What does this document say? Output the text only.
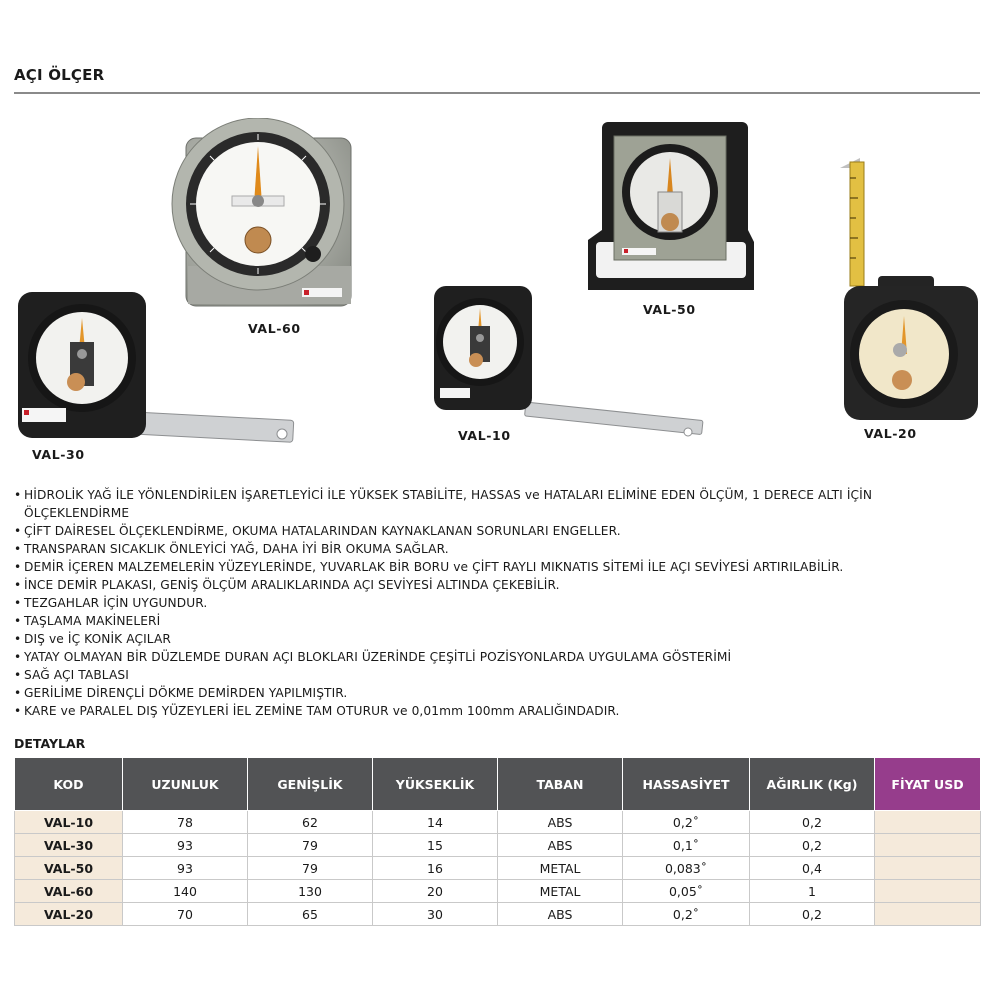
AÇI ÖLÇER
VAL-60
VAL-50
VAL-30
VAL-10	VAL-20
• HİDROLİK YAĞ İLE YÖNLENDİRİLEN İŞARETLEYİCİ İLE YÜKSEK STABİLİTE, HASSAS ve HATALARI ELİMİNE EDEN ÖLÇÜM, 1 DERECE ALTI İÇİN ÖLÇEKLENDİRME
• ÇİFT DAİRESEL ÖLÇEKLENDİRME, OKUMA HATALARINDAN KAYNAKLANAN SORUNLARI ENGELLER.
• TRANSPARAN SICAKLIK ÖNLEYİCİ YAĞ, DAHA İYİ BİR OKUMA SAĞLAR.
• DEMİR İÇEREN MALZEMELERİN YÜZEYLERİNDE, YUVARLAK BİR BORU ve ÇİFT RAYLI MIKNATIS SİTEMİ İLE AÇI SEVİYESİ ARTIRILABİLİR.
• İNCE DEMİR PLAKASI, GENİŞ ÖLÇÜM ARALIKLARINDA AÇI SEVİYESİ ALTINDA ÇEKEBİLİR.
• TEZGAHLAR İÇİN UYGUNDUR.
• TAŞLAMA MAKİNELERİ
• DIŞ ve İÇ KONİK AÇILAR
• YATAY OLMAYAN BİR DÜZLEMDE DURAN AÇI BLOKLARI ÜZERİNDE ÇEŞİTLİ POZİSYONLARDA UYGULAMA GÖSTERİMİ
• SAĞ AÇI TABLASI
• GERİLİME DİRENÇLİ DÖKME DEMİRDEN YAPILMIŞTIR.
• KARE ve PARALEL DIŞ YÜZEYLERİ İEL ZEMİNE TAM OTURUR ve 0,01mm 100mm ARALIĞINDADIR.
DETAYLAR
KOD	UZUNLUK	GENİŞLİK	YÜKSEKLİK	TABAN	HASSASİYET	AĞIRLIK (Kg)	FİYAT USD
VAL-10	78	62	14	ABS	0,2˚	0,2	
VAL-30	93	79	15	ABS	0,1˚	0,2	
VAL-50	93	79	16	METAL	0,083˚	0,4	
VAL-60	140	130	20	METAL	0,05˚	1	
VAL-20	70	65	30	ABS	0,2˚	0,2	
